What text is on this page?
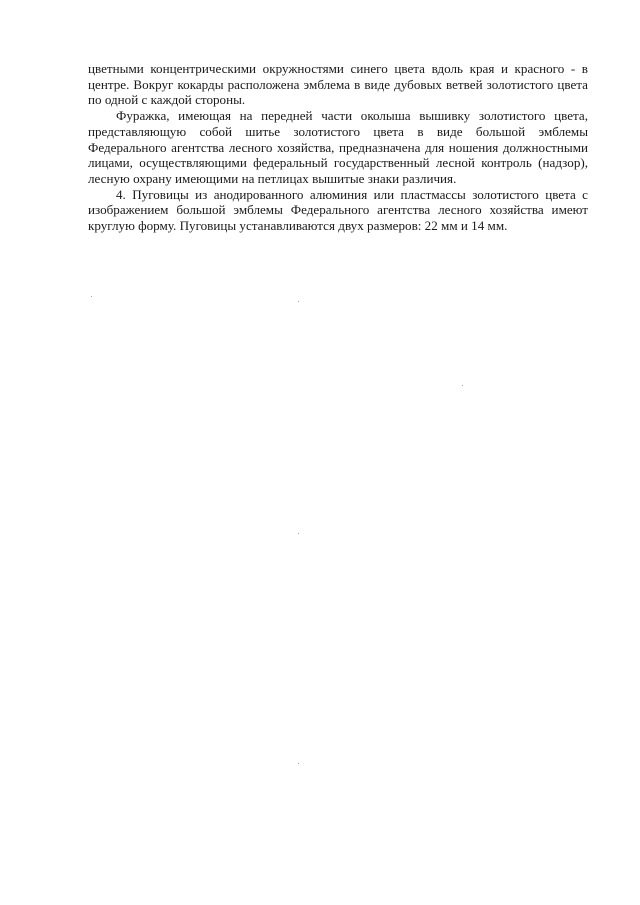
цветными концентрическими окружностями синего цвета вдоль края и красного - в центре. Вокруг кокарды расположена эмблема в виде дубовых ветвей золотистого цвета по одной с каждой стороны.

Фуражка, имеющая на передней части околыша вышивку золотистого цвета, представляющую собой шитье золотистого цвета в виде большой эмблемы Федерального агентства лесного хозяйства, предназначена для ношения должностными лицами, осуществляющими федеральный государственный лесной контроль (надзор), лесную охрану имеющими на петлицах вышитые знаки различия.

4. Пуговицы из анодированного алюминия или пластмассы золотистого цвета с изображением большой эмблемы Федерального агентства лесного хозяйства имеют круглую форму. Пуговицы устанавливаются двух размеров: 22 мм и 14 мм.
